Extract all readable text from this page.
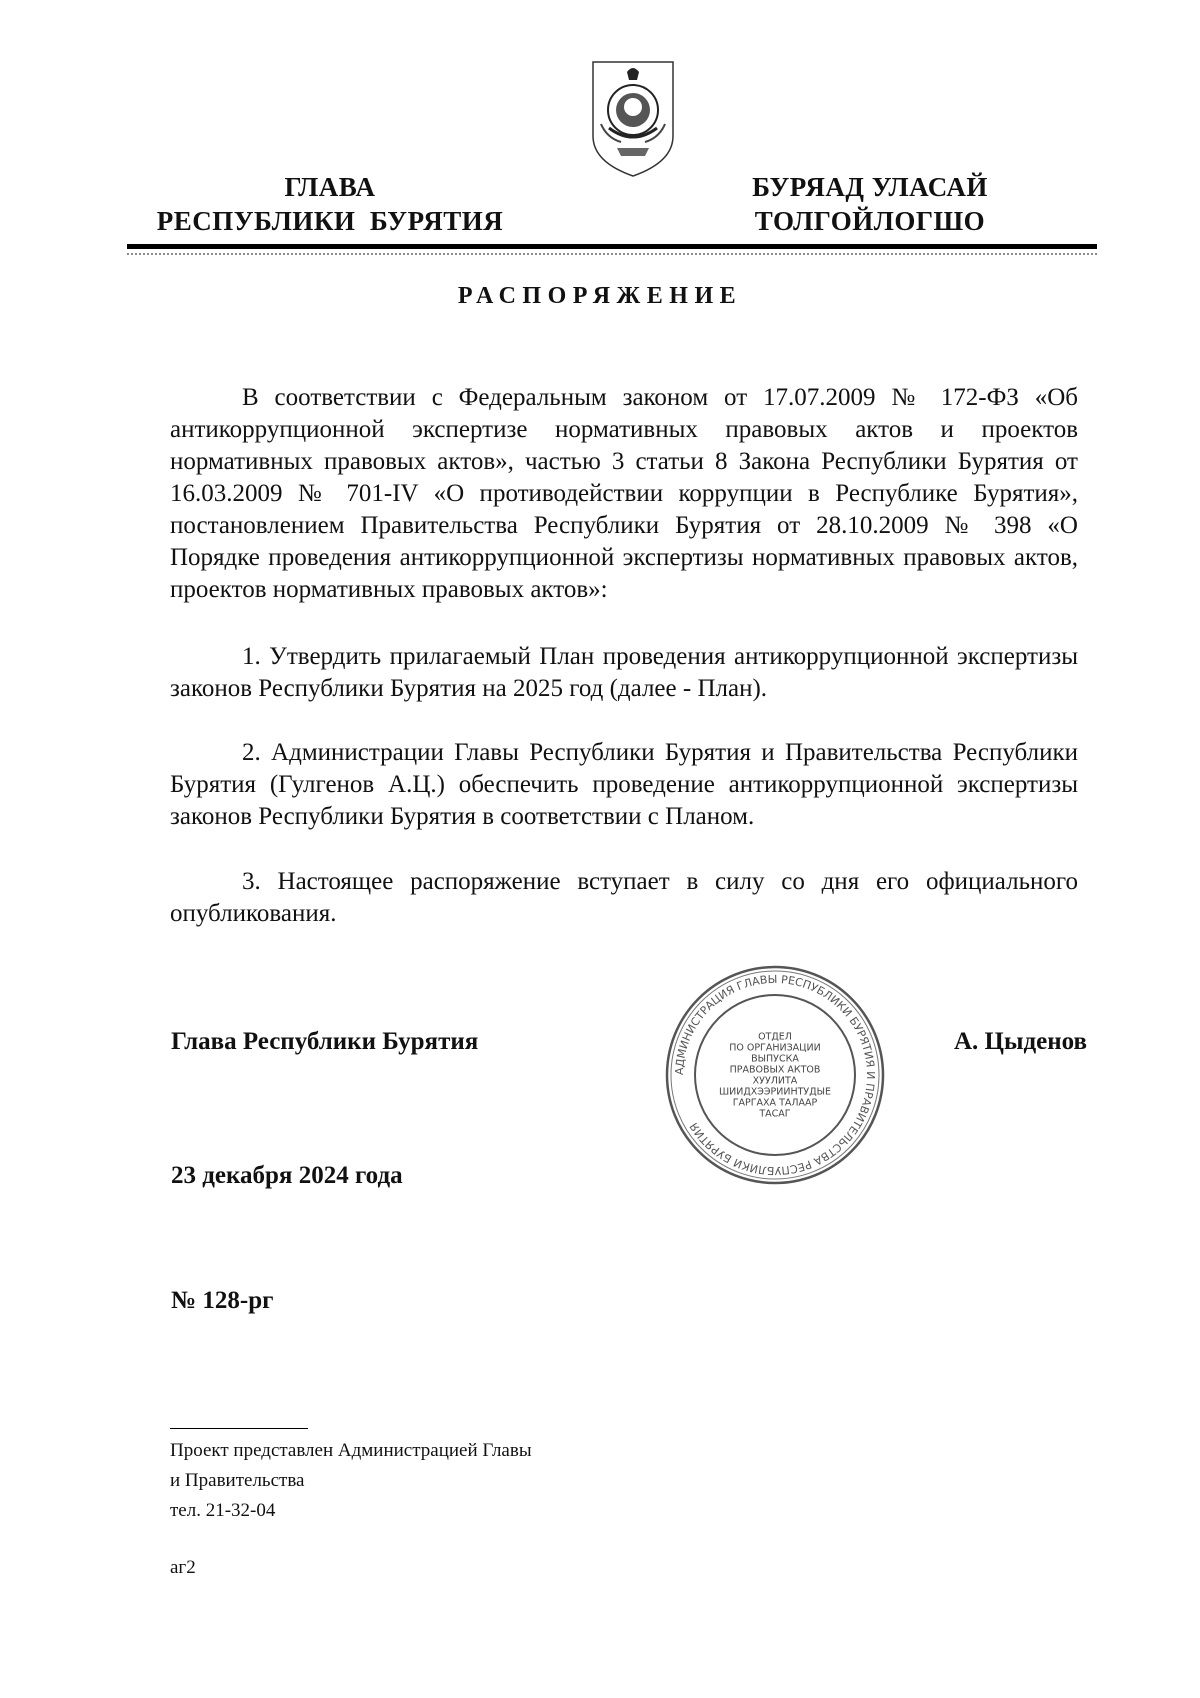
ГЛАВА
РЕСПУБЛИКИ  БУРЯТИЯ
БУРЯАД УЛАСАЙ
ТОЛГОЙЛОГШО
РАСПОРЯЖЕНИЕ
В соответствии с Федеральным законом от 17.07.2009 № 172-ФЗ «Об антикоррупционной экспертизе нормативных правовых актов и проектов нормативных правовых актов», частью 3 статьи 8 Закона Республики Бурятия от 16.03.2009 № 701-IV «О противодействии коррупции в Республике Бурятия», постановлением Правительства Республики Бурятия от 28.10.2009 № 398 «О Порядке проведения антикоррупционной экспертизы нормативных правовых актов, проектов нормативных правовых актов»:
1. Утвердить прилагаемый План проведения антикоррупционной экспертизы законов Республики Бурятия на 2025 год (далее - План).
2. Администрации Главы Республики Бурятия и Правительства Республики Бурятия (Гулгенов А.Ц.) обеспечить проведение антикоррупционной экспертизы законов Республики Бурятия в соответствии с Планом.
3. Настоящее распоряжение вступает в силу со дня его официального опубликования.
АДМИНИСТРАЦИЯ ГЛАВЫ РЕСПУБЛИКИ БУРЯТИЯ И ПРАВИТЕЛЬСТВА РЕСПУБЛИКИ БУРЯТИЯ
ОТДЕЛ
ПО ОРГАНИЗАЦИИ
ВЫПУСКА
ПРАВОВЫХ АКТОВ
ХУУЛИТА
ШИИДХЭЭРИИНТУДЫЕ
ГАРГАХА ТАЛААР
ТАСАГ
Глава Республики Бурятия	А. Цыденов
23 декабря 2024 года
№ 128-рг
Проект представлен Администрацией Главы
и Правительства
тел. 21-32-04
аг2
